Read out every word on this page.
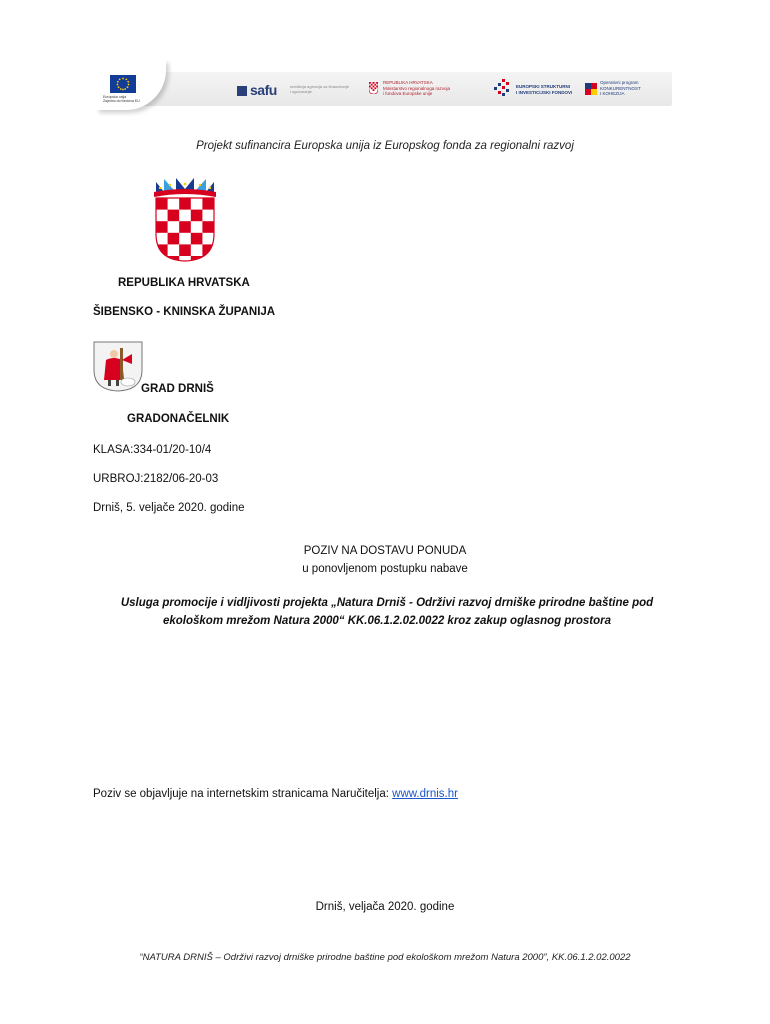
Europska unija
Zajedno do fondova EU
safu	središnja agencija za financiranje i ugovaranje
REPUBLIKA HRVATSKA
Ministarstvo regionalnoga razvoja
i fondova Europske unije
EUROPSKI STRUKTURNI
I INVESTICIJSKI FONDOVI
Operativni program
KONKURENTNOST
I KOHEZIJA
Projekt sufinancira Europska unija iz Europskog fonda za regionalni razvoj
REPUBLIKA HRVATSKA
ŠIBENSKO - KNINSKA ŽUPANIJA
GRAD DRNIŠ
GRADONAČELNIK
KLASA:334-01/20-10/4
URBROJ:2182/06-20-03
Drniš, 5. veljače 2020. godine
POZIV NA DOSTAVU PONUDA
u ponovljenom postupku nabave
Usluga promocije i vidljivosti projekta „Natura Drniš - Održivi razvoj drniške prirodne baštine pod ekološkom mrežom Natura 2000“ KK.06.1.2.02.0022 kroz zakup oglasnog prostora
Poziv se objavljuje na internetskim stranicama Naručitelja: www.drnis.hr
Drniš, veljača 2020. godine
“NATURA DRNIŠ – Održivi razvoj drniške prirodne baštine pod ekološkom mrežom Natura 2000”, KK.06.1.2.02.0022
